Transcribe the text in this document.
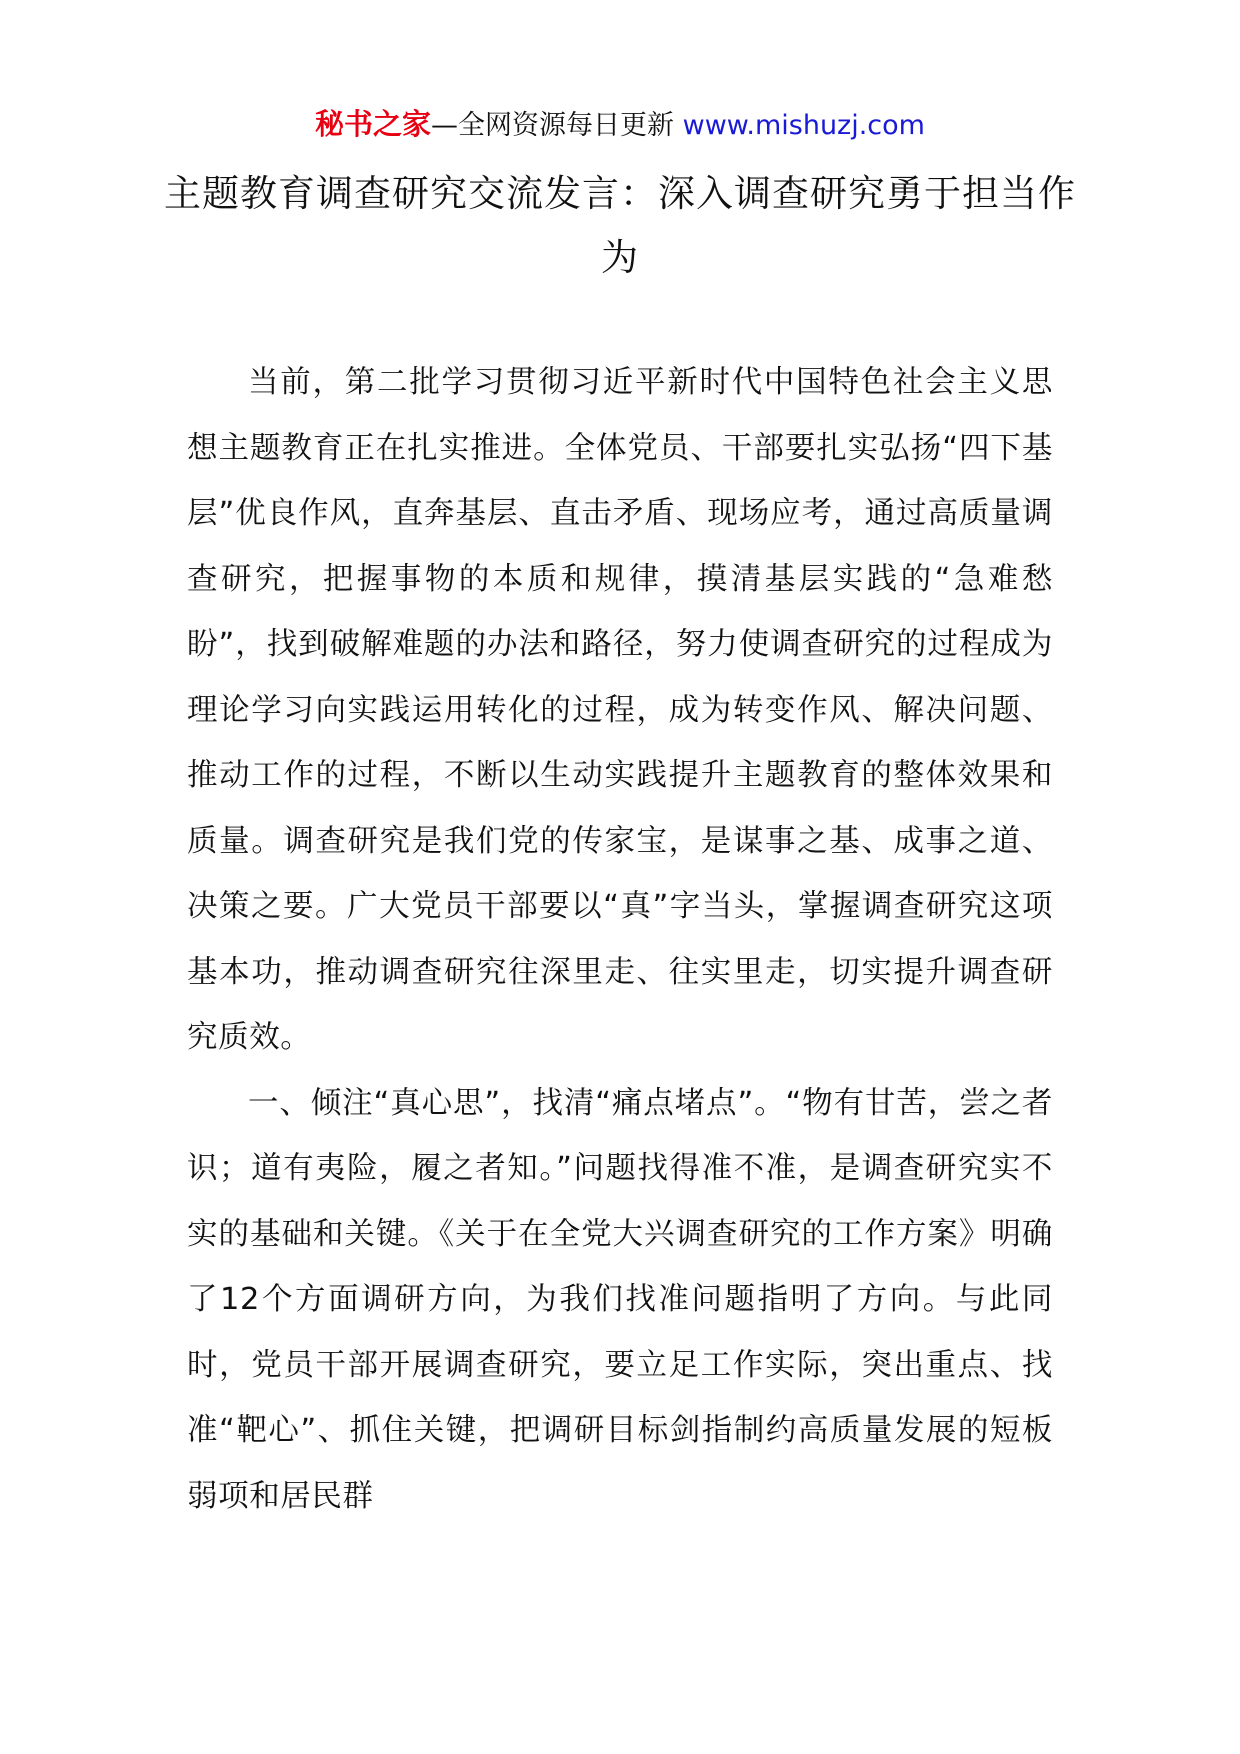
秘书之家—全网资源每日更新 www.mishuzj.com
主题教育调查研究交流发言：深入调查研究勇于担当作为

当前，第二批学习贯彻习近平新时代中国特色社会主义思想主题教育正在扎实推进。全体党员、干部要扎实弘扬“四下基层”优良作风，直奔基层、直击矛盾、现场应考，通过高质量调查研究，把握事物的本质和规律，摸清基层实践的“急难愁盼”，找到破解难题的办法和路径，努力使调查研究的过程成为理论学习向实践运用转化的过程，成为转变作风、解决问题、推动工作的过程，不断以生动实践提升主题教育的整体效果和质量。调查研究是我们党的传家宝，是谋事之基、成事之道、决策之要。广大党员干部要以“真”字当头，掌握调查研究这项基本功，推动调查研究往深里走、往实里走，切实提升调查研究质效。

一、倾注“真心思”，找清“痛点堵点”。“物有甘苦，尝之者识；道有夷险，履之者知。”问题找得准不准，是调查研究实不实的基础和关键。《关于在全党大兴调查研究的工作方案》明确了12个方面调研方向，为我们找准问题指明了方向。与此同时，党员干部开展调查研究，要立足工作实际，突出重点、找准“靶心”、抓住关键，把调研目标剑指制约高质量发展的短板弱项和居民群
